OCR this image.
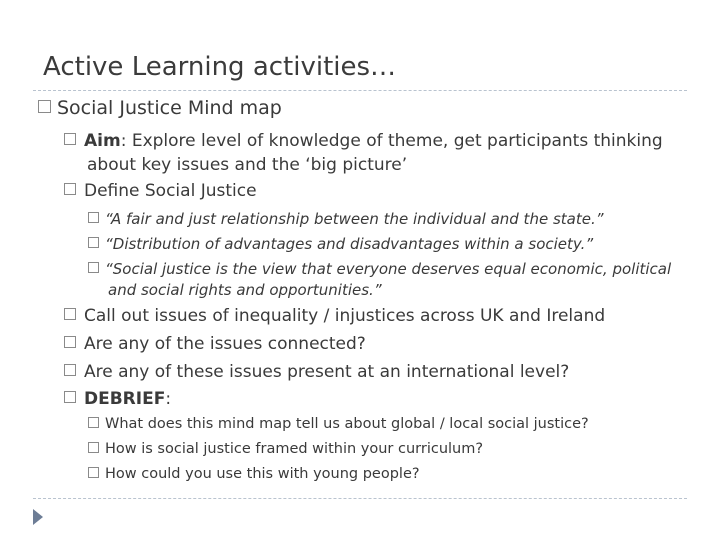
Active Learning activities…
Social Justice Mind map
Aim: Explore level of knowledge of theme, get participants thinking
about key issues and the ‘big picture’
Define Social Justice
“A fair and just relationship between the individual and the state.”
“Distribution of advantages and disadvantages within a society.”
“Social justice is the view that everyone deserves equal economic, political
and social rights and opportunities.”
Call out issues of inequality / injustices across UK and Ireland
Are any of the issues connected?
Are any of these issues present at an international level?
DEBRIEF:
What does this mind map tell us about global / local social justice?
How is social justice framed within your curriculum?
How could you use this with young people?
